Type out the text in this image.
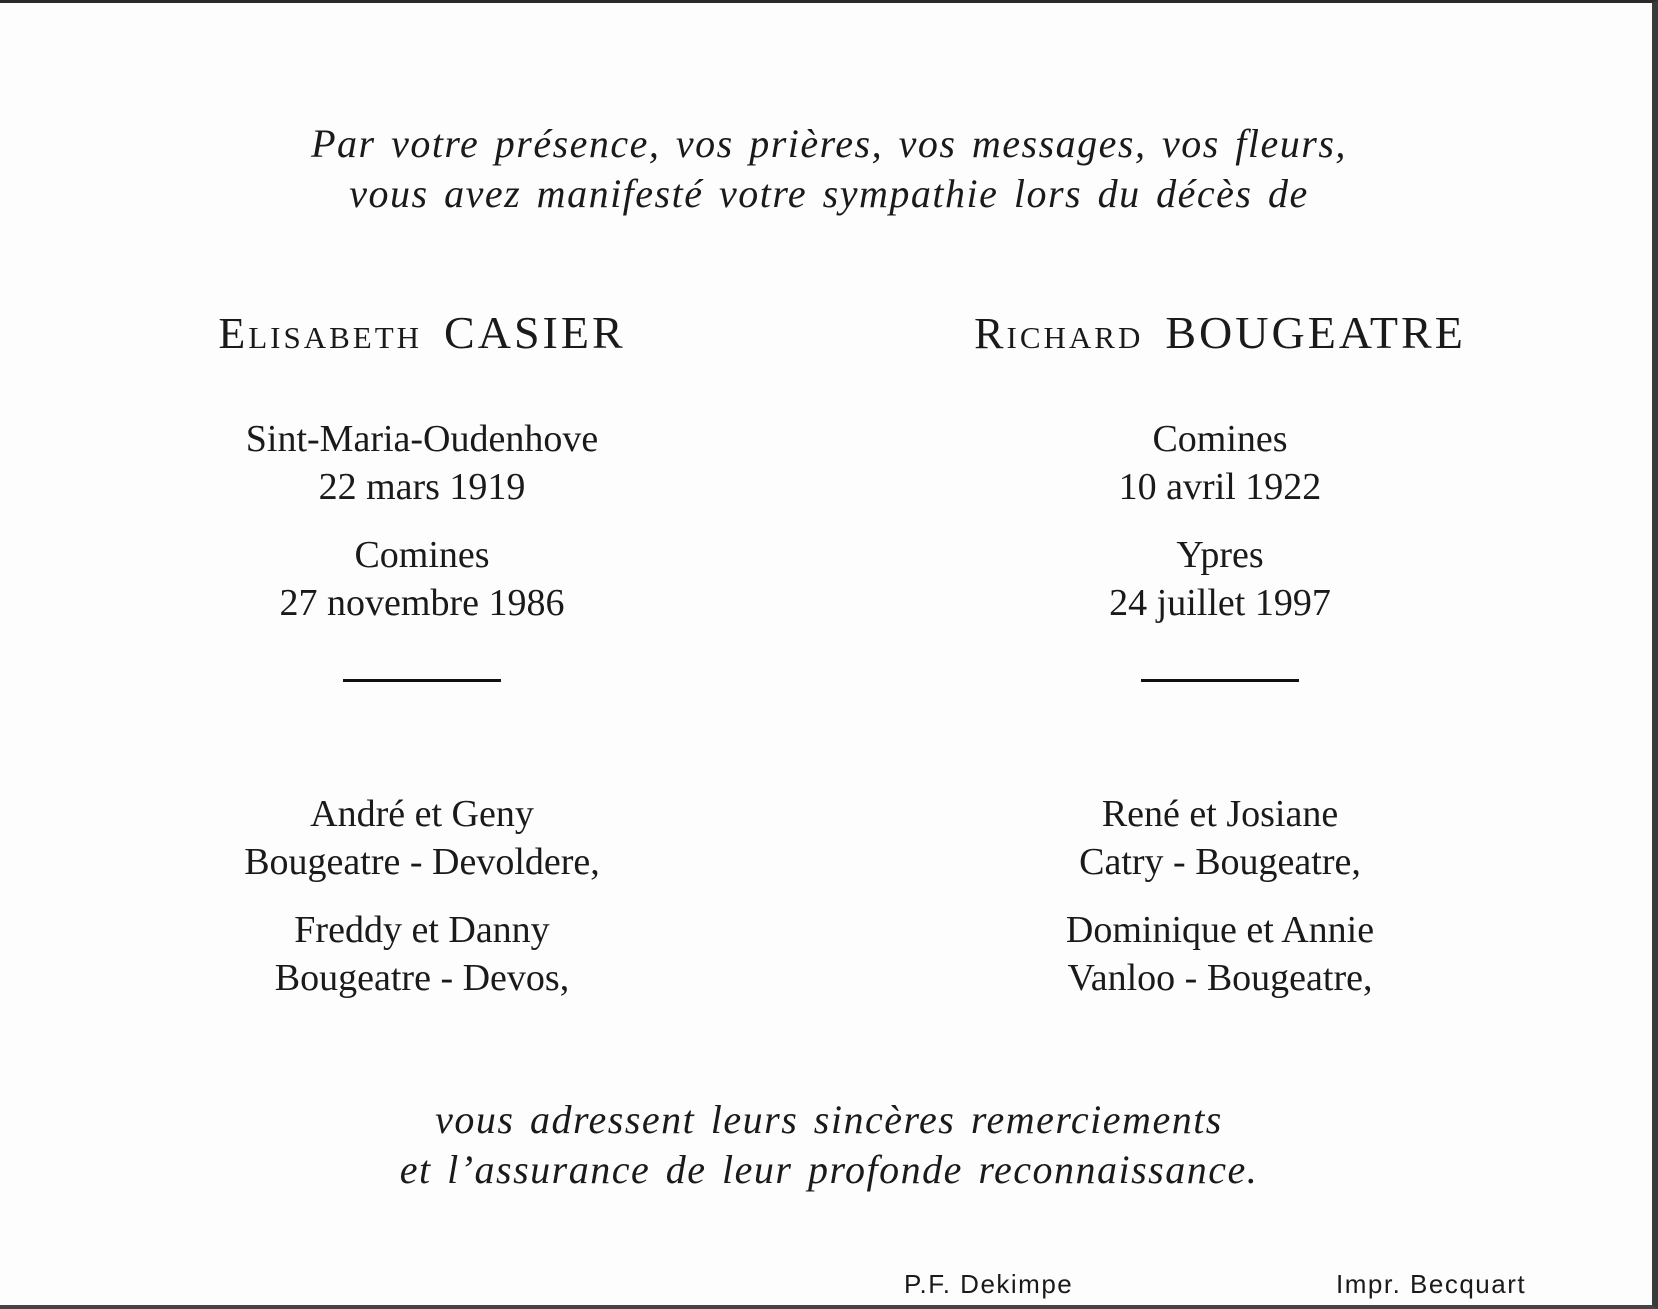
Par votre présence, vos prières, vos messages, vos fleurs,
vous avez manifesté votre sympathie lors du décès de
Elisabeth CASIER
Sint-Maria-Oudenhove
22 mars 1919
Comines
27 novembre 1986
André et Geny
Bougeatre - Devoldere,
Freddy et Danny
Bougeatre - Devos,
Richard BOUGEATRE
Comines
10 avril 1922
Ypres
24 juillet 1997
René et Josiane
Catry - Bougeatre,
Dominique et Annie
Vanloo - Bougeatre,
vous adressent leurs sincères remerciements
et l’assurance de leur profonde reconnaissance.
P.F. Dekimpe	Impr. Becquart
